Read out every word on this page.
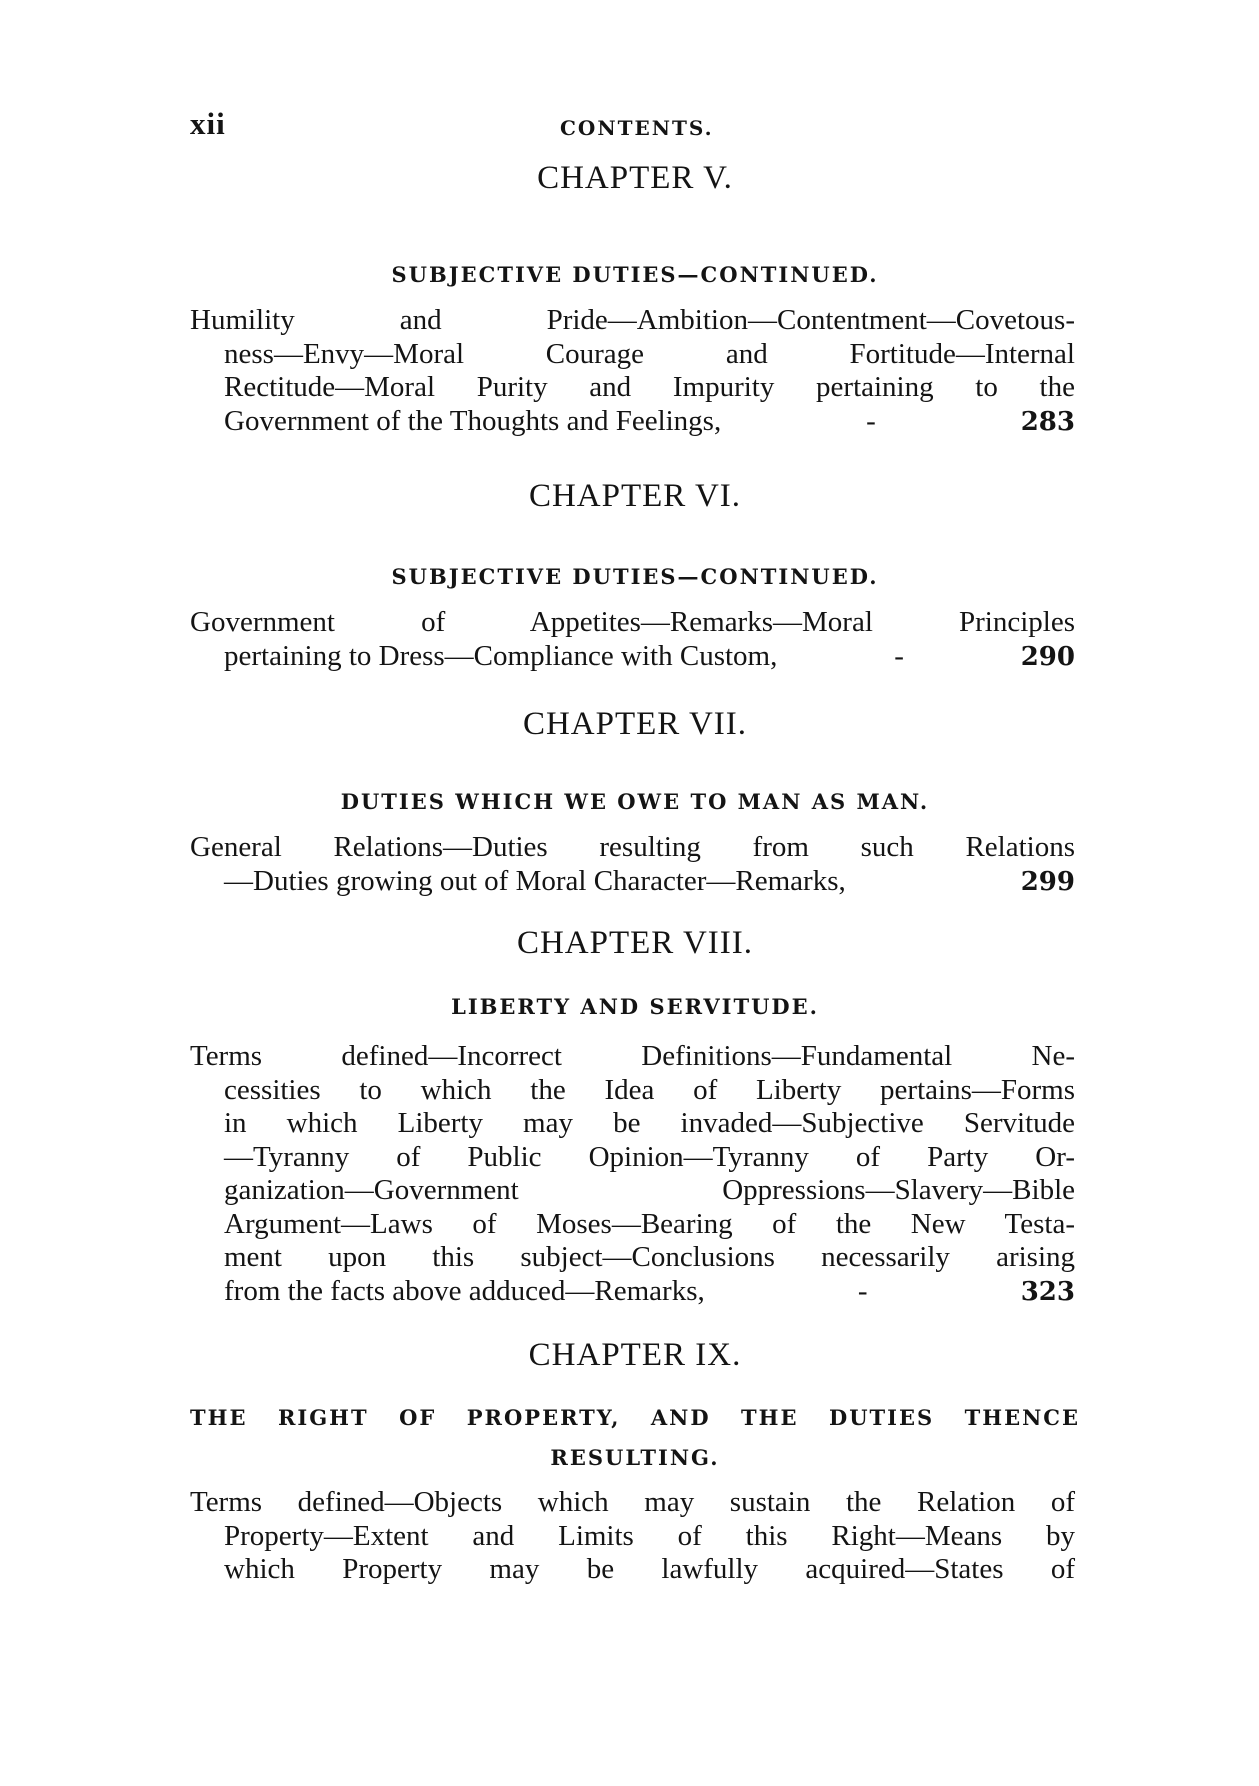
xii	CONTENTS.
CHAPTER V.
SUBJECTIVE DUTIES—CONTINUED.
Humility and Pride—Ambition—Contentment—Covetous-
ness—Envy—Moral Courage and Fortitude—Internal
Rectitude—Moral Purity and Impurity pertaining to the
Government of the Thoughts and Feelings,	-	283
CHAPTER VI.
SUBJECTIVE DUTIES—CONTINUED.
Government of Appetites—Remarks—Moral Principles
pertaining to Dress—Compliance with Custom,	-	290
CHAPTER VII.
DUTIES WHICH WE OWE TO MAN AS MAN.
General Relations—Duties resulting from such Relations
—Duties growing out of Moral Character—Remarks,	299
CHAPTER VIII.
LIBERTY AND SERVITUDE.
Terms defined—Incorrect Definitions—Fundamental Ne-
cessities to which the Idea of Liberty pertains—Forms
in which Liberty may be invaded—Subjective Servitude
—Tyranny of Public Opinion—Tyranny of Party Or-
ganization—Government Oppressions—Slavery—Bible
Argument—Laws of Moses—Bearing of the New Testa-
ment upon this subject—Conclusions necessarily arising
from the facts above adduced—Remarks,	-	323
CHAPTER IX.
THE RIGHT OF PROPERTY, AND THE DUTIES THENCE RESULTING.
Terms defined—Objects which may sustain the Relation of
Property—Extent and Limits of this Right—Means by
which Property may be lawfully acquired—States of
